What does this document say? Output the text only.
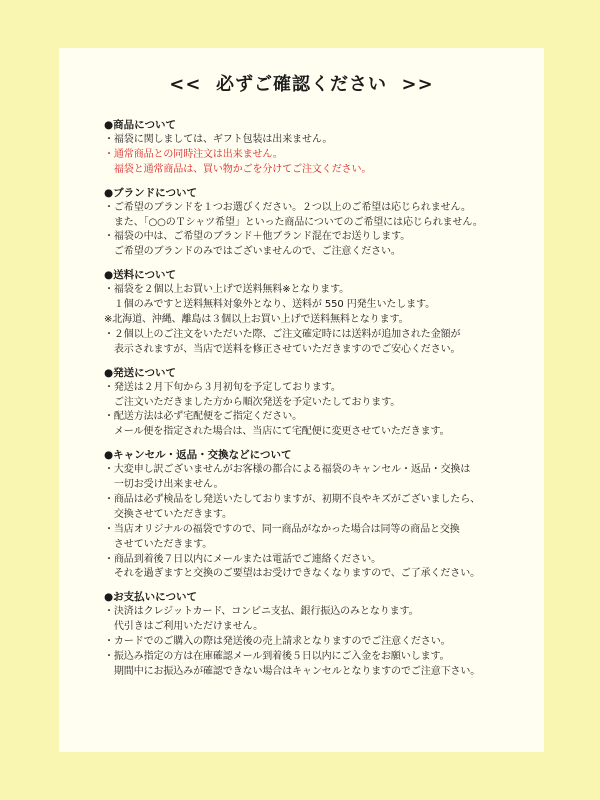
<<  必ずご確認ください  >>
●商品について
・福袋に関しましては、ギフト包装は出来ません。
・通常商品との同時注文は出来ません。
　福袋と通常商品は、買い物かごを分けてご注文ください。
●ブランドについて
・ご希望のブランドを１つお選びください。２つ以上のご希望は応じられません。
　また、「○○のＴシャツ希望」といった商品についてのご希望には応じられません。
・福袋の中は、ご希望のブランド＋他ブランド混在でお送りします。
　ご希望のブランドのみではございませんので、ご注意ください。
●送料について
・福袋を２個以上お買い上げで送料無料※となります。
　１個のみですと送料無料対象外となり、送料が 550 円発生いたします。
※北海道、沖縄、離島は３個以上お買い上げで送料無料となります。
・２個以上のご注文をいただいた際、ご注文確定時には送料が追加された金額が
　表示されますが、当店で送料を修正させていただきますのでご安心ください。
●発送について
・発送は２月下旬から３月初旬を予定しております。
　ご注文いただきました方から順次発送を予定いたしております。
・配送方法は必ず宅配便をご指定ください。
　メール便を指定された場合は、当店にて宅配便に変更させていただきます。
●キャンセル・返品・交換などについて
・大変申し訳ございませんがお客様の都合による福袋のキャンセル・返品・交換は
　一切お受け出来ません。
・商品は必ず検品をし発送いたしておりますが、初期不良やキズがございましたら、
　交換させていただきます。
・当店オリジナルの福袋ですので、同一商品がなかった場合は同等の商品と交換
　させていただきます。
・商品到着後７日以内にメールまたは電話でご連絡ください。
　それを過ぎますと交換のご要望はお受けできなくなりますので、ご了承ください。
●お支払いについて
・決済はクレジットカード、コンビニ支払、銀行振込のみとなります。
　代引きはご利用いただけません。
・カードでのご購入の際は発送後の売上請求となりますのでご注意ください。
・振込み指定の方は在庫確認メール到着後５日以内にご入金をお願いします。
　期間中にお振込みが確認できない場合はキャンセルとなりますのでご注意下さい。
